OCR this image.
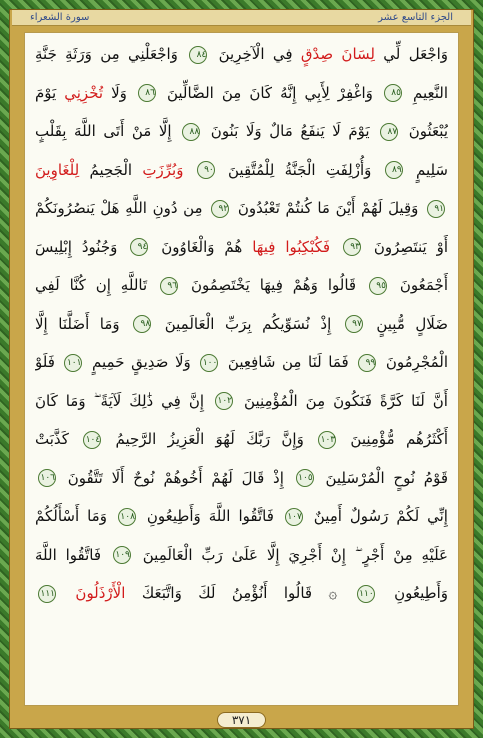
الجزء التاسع عشر
سورة الشعراء
وَاجْعَل لِّي لِسَانَ صِدْقٍ فِي الْآخِرِينَ ٨٤ وَاجْعَلْنِي مِن وَرَثَةِ جَنَّةِ
النَّعِيمِ ٨٥ وَاغْفِرْ لِأَبِي إِنَّهُ كَانَ مِنَ الضَّالِّينَ ٨٦ وَلَا تُخْزِنِي يَوْمَ
يُبْعَثُونَ ٨٧ يَوْمَ لَا يَنفَعُ مَالٌ وَلَا بَنُونَ ٨٨ إِلَّا مَنْ أَتَى اللَّهَ بِقَلْبٍ
سَلِيمٍ ٨٩ وَأُزْلِفَتِ الْجَنَّةُ لِلْمُتَّقِينَ ٩٠ وَبُرِّزَتِ الْجَحِيمُ لِلْغَاوِينَ
٩١ وَقِيلَ لَهُمْ أَيْنَ مَا كُنتُمْ تَعْبُدُونَ ٩٢ مِن دُونِ اللَّهِ هَلْ يَنصُرُونَكُمْ
أَوْ يَنتَصِرُونَ ٩٣ فَكُبْكِبُوا فِيهَا هُمْ وَالْغَاوُونَ ٩٤ وَجُنُودُ إِبْلِيسَ
أَجْمَعُونَ ٩٥ قَالُوا وَهُمْ فِيهَا يَخْتَصِمُونَ ٩٦ تَاللَّهِ إِن كُنَّا لَفِي
ضَلَالٍ مُّبِينٍ ٩٧ إِذْ نُسَوِّيكُم بِرَبِّ الْعَالَمِينَ ٩٨ وَمَا أَضَلَّنَا إِلَّا
الْمُجْرِمُونَ ٩٩ فَمَا لَنَا مِن شَافِعِينَ ١٠٠ وَلَا صَدِيقٍ حَمِيمٍ ١٠١ فَلَوْ
أَنَّ لَنَا كَرَّةً فَنَكُونَ مِنَ الْمُؤْمِنِينَ ١٠٢ إِنَّ فِي ذَٰلِكَ لَآيَةً ۖ وَمَا كَانَ
أَكْثَرُهُم مُّؤْمِنِينَ ١٠٣ وَإِنَّ رَبَّكَ لَهُوَ الْعَزِيزُ الرَّحِيمُ ١٠٤ كَذَّبَتْ
قَوْمُ نُوحٍ الْمُرْسَلِينَ ١٠٥ إِذْ قَالَ لَهُمْ أَخُوهُمْ نُوحٌ أَلَا تَتَّقُونَ ١٠٦
إِنِّي لَكُمْ رَسُولٌ أَمِينٌ ١٠٧ فَاتَّقُوا اللَّهَ وَأَطِيعُونِ ١٠٨ وَمَا أَسْأَلُكُمْ
عَلَيْهِ مِنْ أَجْرٍ ۖ إِنْ أَجْرِيَ إِلَّا عَلَىٰ رَبِّ الْعَالَمِينَ ١٠٩ فَاتَّقُوا اللَّهَ
وَأَطِيعُونِ ١١٠ ۞ قَالُوا أَنُؤْمِنُ لَكَ وَاتَّبَعَكَ الْأَرْذَلُونَ ١١١
٣٧١
